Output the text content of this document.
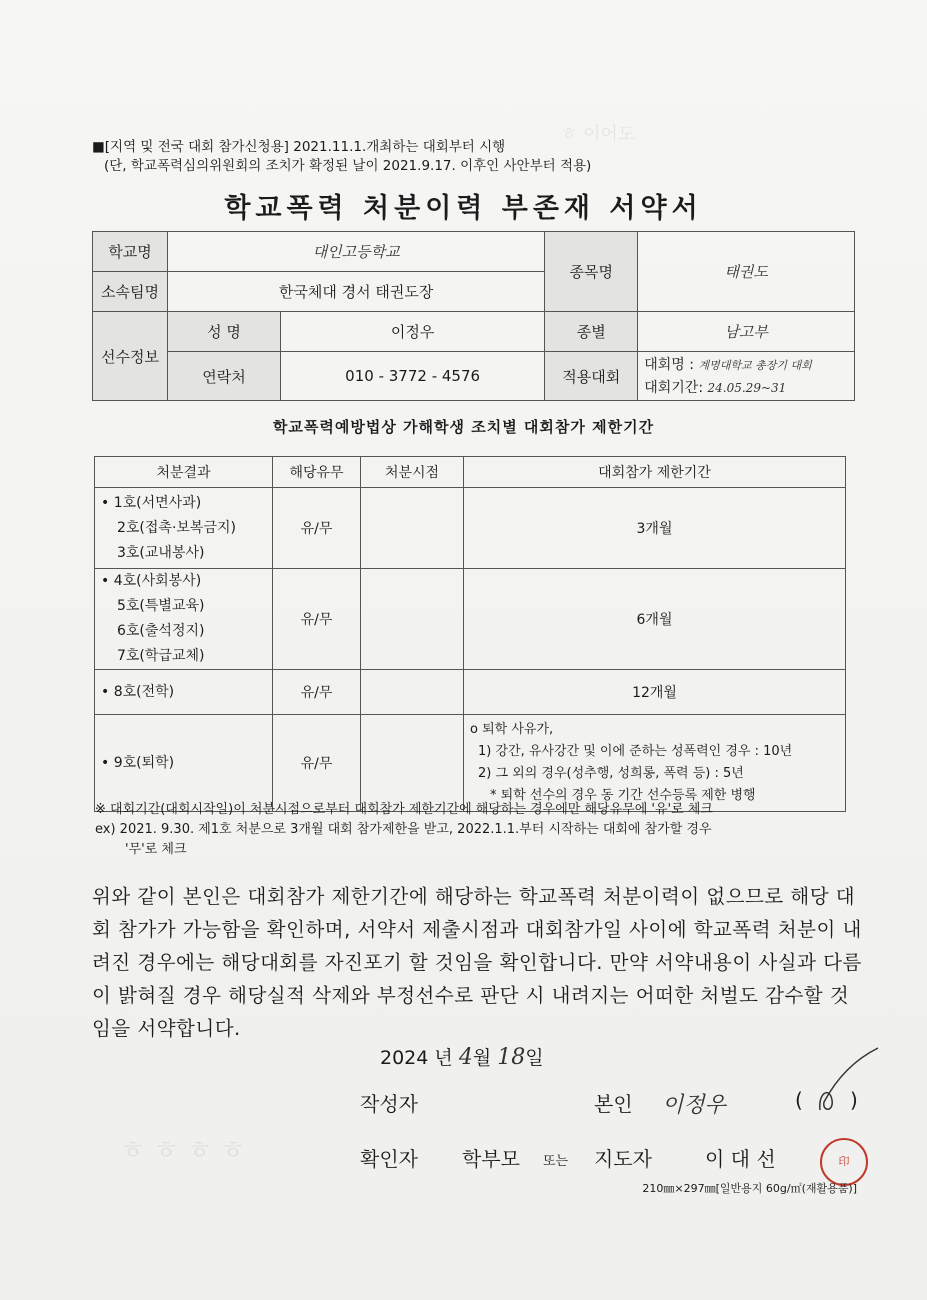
ㅎ 이어도
ㅎ ㅎ ㅎ ㅎ
■[지역 및 전국 대회 참가신청용] 2021.11.1.개최하는 대회부터 시행
(단, 학교폭력심의위원회의 조치가 확정된 날이 2021.9.17. 이후인 사안부터 적용)
학교폭력 처분이력 부존재 서약서
학교명	대인고등학교		종목명	태권도
소속팀명	한국체대 경서 태권도장			
선수정보	성 명	이정우	종별	남고부
	연락처	010 - 3772 - 4576	적용대회	대회명 : 계명대학교 총장기 대회
대회기간: 24.05.29~31
학교폭력예방법상 가해학생 조치별 대회참가 제한기간
처분결과	해당유무	처분시점	대회참가 제한기간

• 1호(서면사과)
2호(접촉·보복금지)
3호(교내봉사)	유/무		3개월

• 4호(사회봉사)
5호(특별교육)
6호(출석정지)
7호(학급교체)	유/무		6개월

• 8호(전학)	유/무		12개월

• 9호(퇴학)	유/무		o 퇴학 사유가,
1) 강간, 유사강간 및 이에 준하는 성폭력인 경우 : 10년
2) 그 외의 경우(성추행, 성희롱, 폭력 등) : 5년
* 퇴학 선수의 경우 동 기간 선수등록 제한 병행
※ 대회기간(대회시작일)이 처분시점으로부터 대회참가 제한기간에 해당하는 경우에만 해당유무에 '유'로 체크
ex) 2021. 9.30. 제1호 처분으로 3개월 대회 참가제한을 받고, 2022.1.1.부터 시작하는 대회에 참가할 경우
'무'로 체크
위와 같이 본인은 대회참가 제한기간에 해당하는 학교폭력 처분이력이 없으므로 해당 대회 참가가 가능함을 확인하며, 서약서 제출시점과 대회참가일 사이에 학교폭력 처분이 내려진 경우에는 해당대회를 자진포기 할 것임을 확인합니다. 만약 서약내용이 사실과 다름이 밝혀질 경우 해당실적 삭제와 부정선수로 판단 시 내려지는 어떠한 처벌도 감수할 것임을 서약합니다.
2024 년 4월 18일
작성자	본인 이정우	( )
확인자 학부모 또는 지도자	이 대 선	印
210㎜×297㎜[일반용지 60g/㎡(재활용품)]
